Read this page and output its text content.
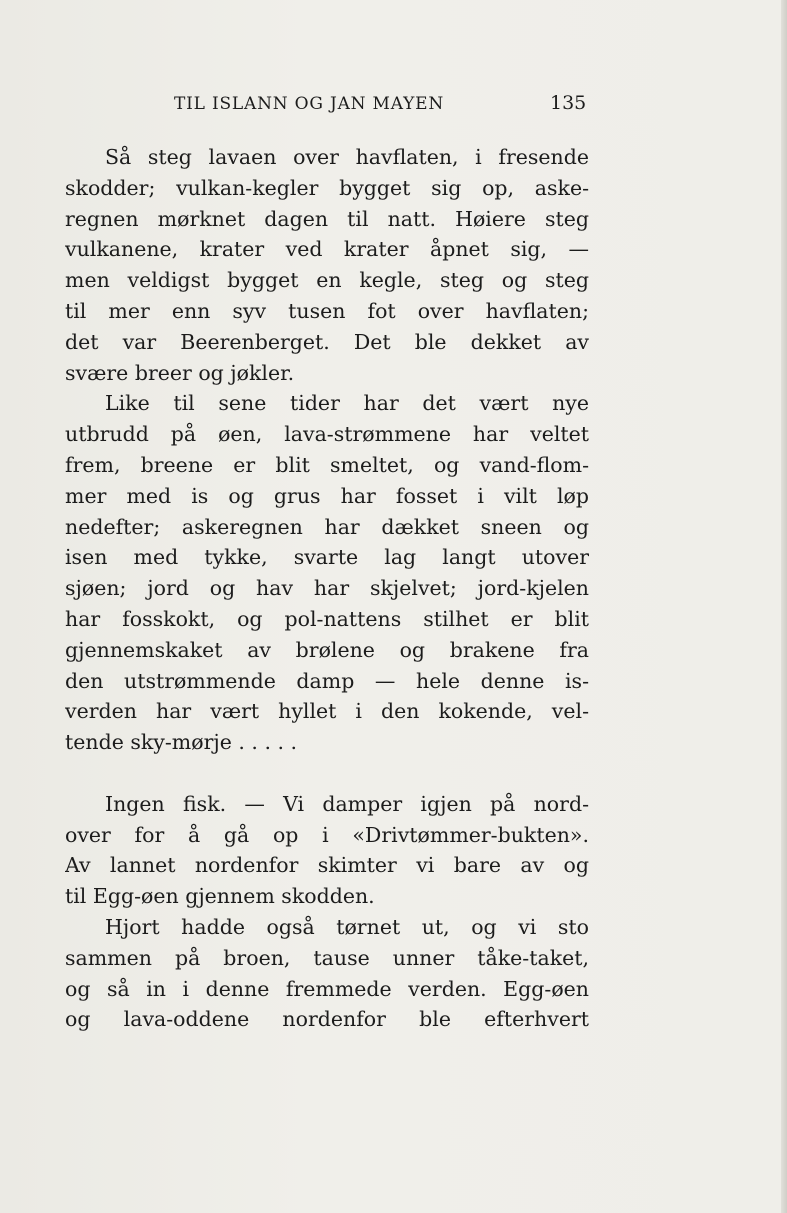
TIL ISLANN OG JAN MAYEN	135
Så steg lavaen over havflaten, i fresende
skodder; vulkan-kegler bygget sig op, aske-
regnen mørknet dagen til natt. Høiere steg
vulkanene, krater ved krater åpnet sig, —
men veldigst bygget en kegle, steg og steg
til mer enn syv tusen fot over havflaten;
det var Beerenberget. Det ble dekket av
svære breer og jøkler.
Like til sene tider har det vært nye
utbrudd på øen, lava-strømmene har veltet
frem, breene er blit smeltet, og vand-flom-
mer med is og grus har fosset i vilt løp
nedefter; askeregnen har dækket sneen og
isen med tykke, svarte lag langt utover
sjøen; jord og hav har skjelvet; jord-kjelen
har fosskokt, og pol-nattens stilhet er blit
gjennemskaket av brølene og brakene fra
den utstrømmende damp — hele denne is-
verden har vært hyllet i den kokende, vel-
tende sky-mørje . . . . .
Ingen fisk. — Vi damper igjen på nord-
over for å gå op i «Drivtømmer-bukten».
Av lannet nordenfor skimter vi bare av og
til Egg-øen gjennem skodden.
Hjort hadde også tørnet ut, og vi sto
sammen på broen, tause unner tåke-taket,
og så in i denne fremmede verden. Egg-øen
og lava-oddene nordenfor ble efterhvert
